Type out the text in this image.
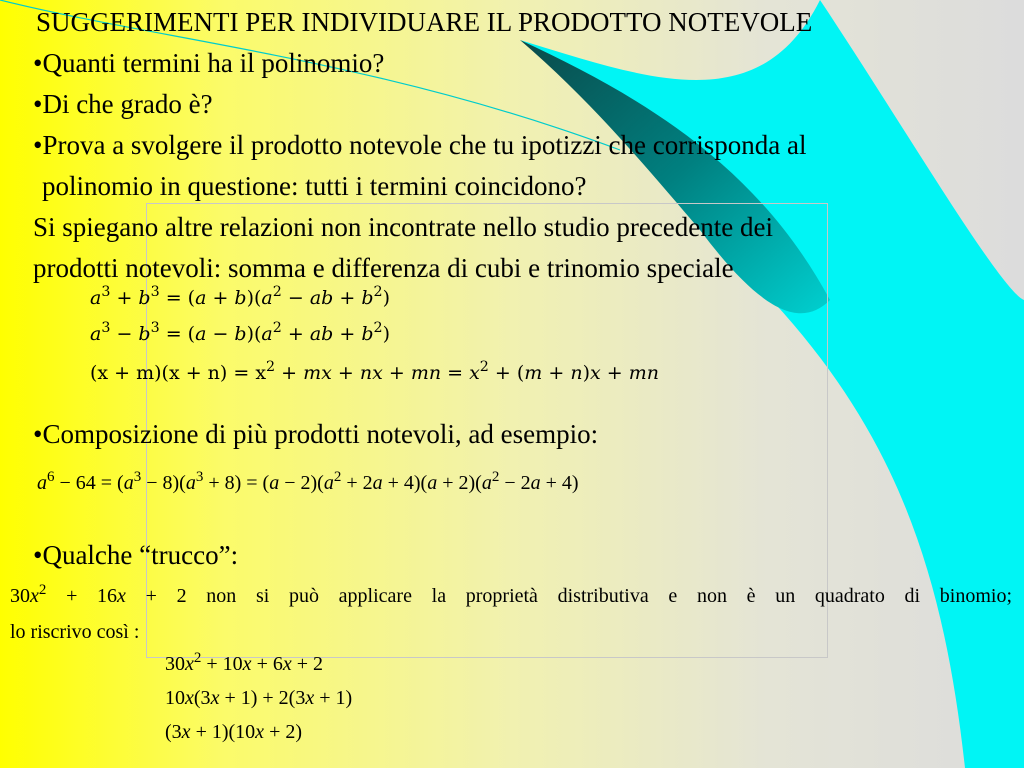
SUGGERIMENTI PER INDIVIDUARE IL PRODOTTO NOTEVOLE
•Quanti termini ha il polinomio?
•Di che grado è?
•Prova a svolgere il prodotto notevole che tu ipotizzi che corrisponda al
polinomio in questione: tutti i termini coincidono?
Si spiegano altre relazioni non incontrate nello studio precedente dei
prodotti notevoli: somma e differenza di cubi e trinomio speciale
$a^3 + b^3 = (a + b)(a^2$ − ab + $b^2$)
$a^3 - b^3 = (a - b)(a^2$ + ab + $b^2$)
$(x + m)(x + n) = x^2$ + mx + nx + mn = $x^2 + (m + n)x$ + mn
•Composizione di più prodotti notevoli, ad esempio:
$a^6 - 64 = (a^3 - 8)(a^3 + 8) = (a - 2)(a^2 + 2a + 4)(a + 2)(a^2 - 2a + 4)$
•Qualche “trucco”:
$30x^2 + 16x + 2$ non si può applicare la proprietà distributiva e non è un quadrato di binomio;
lo riscrivo così :
$30x^2 + 10x + 6x + 2$
10x(3x + 1) + 2(3x + 1)
(3x + 1)(10x + 2)
